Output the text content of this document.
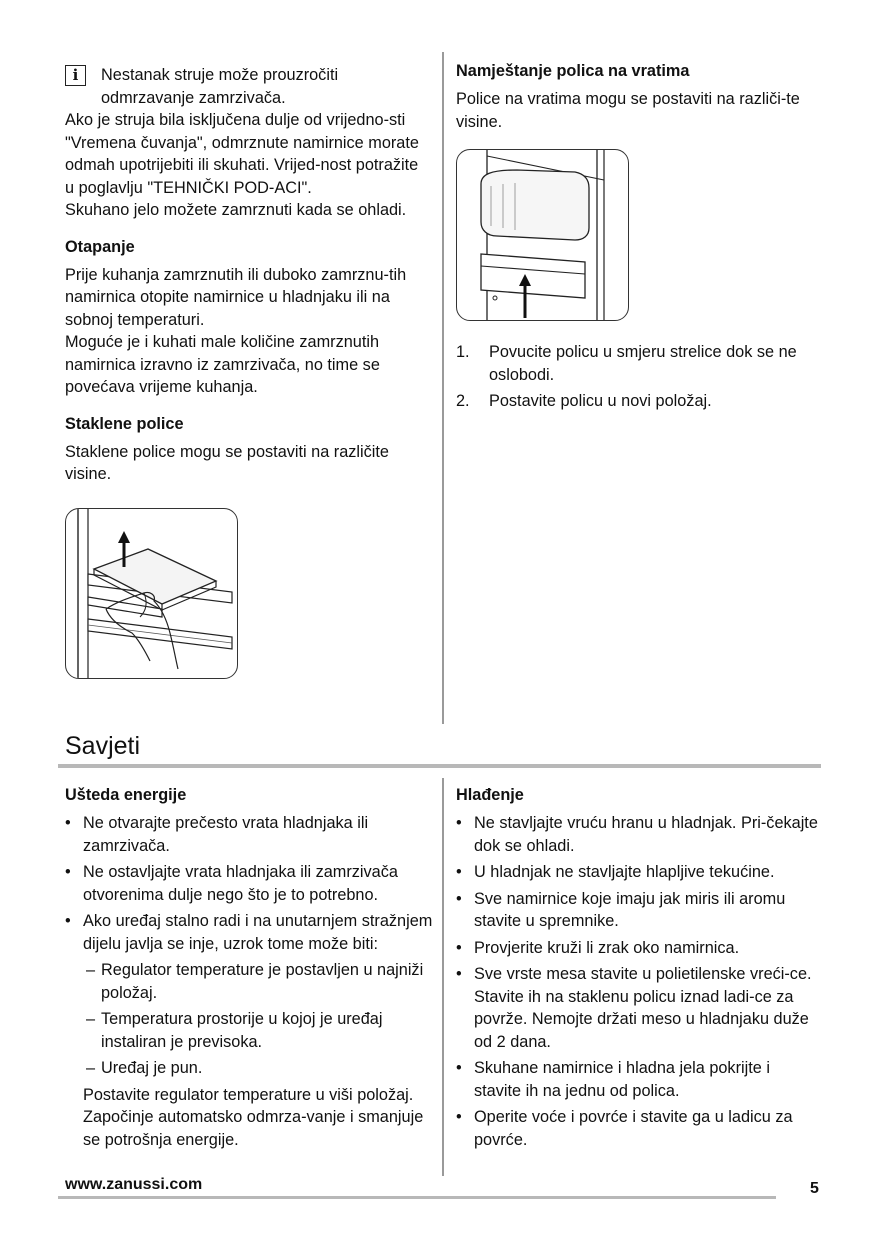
i Nestanak struje može prouzročiti odmrzavanje zamrzivača.

Ako je struja bila isključena dulje od vrijedno-sti "Vremena čuvanja", odmrznute namirnice morate odmah upotrijebiti ili skuhati. Vrijed-nost potražite u poglavlju "TEHNIČKI POD-ACI".

Skuhano jelo možete zamrznuti kada se ohladi.

Otapanje

Prije kuhanja zamrznutih ili duboko zamrznu-tih namirnica otopite namirnice u hladnjaku ili na sobnoj temperaturi.

Moguće je i kuhati male količine zamrznutih namirnica izravno iz zamrzivača, no time se povećava vrijeme kuhanja.

Staklene police

Staklene police mogu se postaviti na različite visine.

Namještanje polica na vratima

Police na vratima mogu se postaviti na različi-te visine.

1.	Povucite policu u smjeru strelice dok se ne oslobodi.
2.	Postavite policu u novi položaj.
Savjeti
Ušteda energije
• Ne otvarajte prečesto vrata hladnjaka ili zamrzivača.
• Ne ostavljajte vrata hladnjaka ili zamrzivača otvorenima dulje nego što je to potrebno.
• Ako uređaj stalno radi i na unutarnjem stražnjem dijelu javlja se inje, uzrok tome može biti:
– Regulator temperature je postavljen u najniži položaj.
– Temperatura prostorije u kojoj je uređaj instaliran je previsoka.
– Uređaj je pun.

Postavite regulator temperature u viši položaj. Započinje automatsko odmrza-vanje i smanjuje se potrošnja energije.

Hlađenje
• Ne stavljajte vruću hranu u hladnjak. Pri-čekajte dok se ohladi.
• U hladnjak ne stavljajte hlapljive tekućine.
• Sve namirnice koje imaju jak miris ili aromu stavite u spremnike.
• Provjerite kruži li zrak oko namirnica.
• Sve vrste mesa stavite u polietilenske vreći-ce. Stavite ih na staklenu policu iznad ladi-ce za povrže. Nemojte držati meso u hladnjaku duže od 2 dana.
• Skuhane namirnice i hladna jela pokrijte i stavite ih na jednu od polica.
• Operite voće i povrće i stavite ga u ladicu za povrće.
www.zanussi.com	5
